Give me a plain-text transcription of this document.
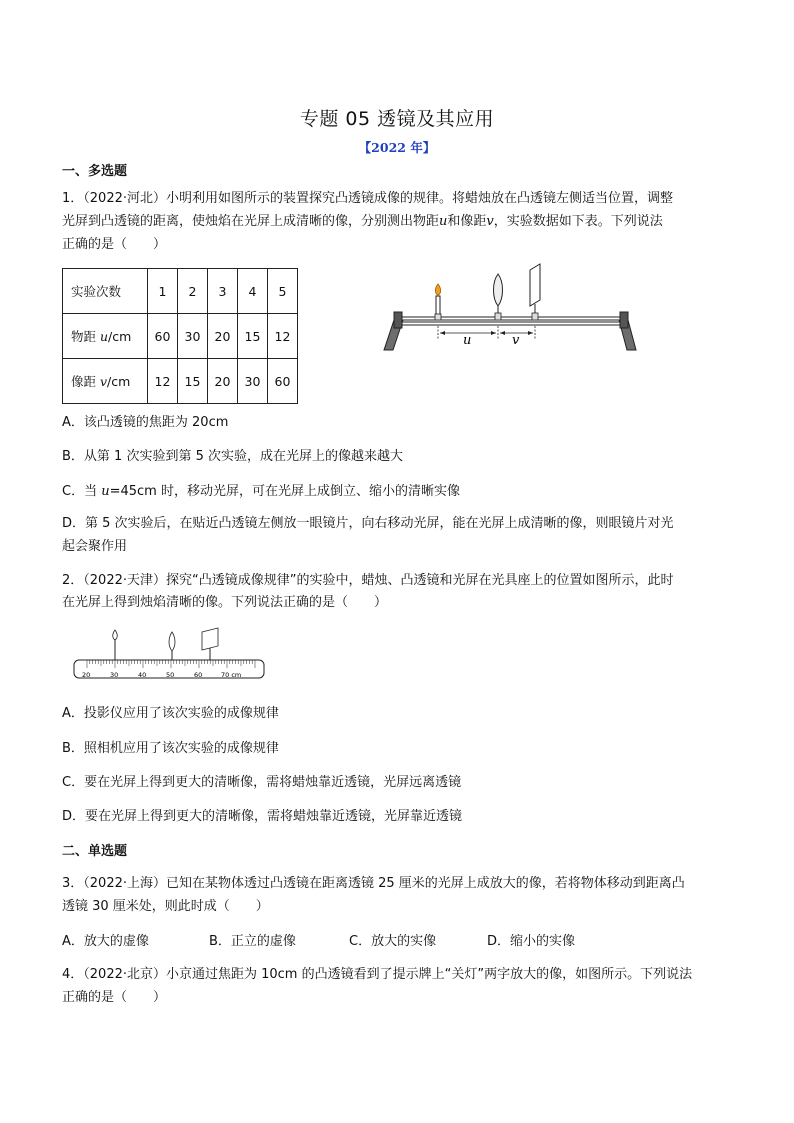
专题 05 透镜及其应用
【2022 年】
一、多选题
1．（2022·河北）小明利用如图所示的装置探究凸透镜成像的规律。将蜡烛放在凸透镜左侧适当位置，调整
光屏到凸透镜的距离，使烛焰在光屏上成清晰的像，分别测出物距u和像距v，实验数据如下表。下列说法
正确的是（　　）
实验次数	1	2	3	4	5
物距 u/cm	60	30	20	15	12
像距 v/cm	12	15	20	30	60
u	v
A．该凸透镜的焦距为 20cm
B．从第 1 次实验到第 5 次实验，成在光屏上的像越来越大
C．当 u=45cm 时，移动光屏，可在光屏上成倒立、缩小的清晰实像
D．第 5 次实验后，在贴近凸透镜左侧放一眼镜片，向右移动光屏，能在光屏上成清晰的像，则眼镜片对光
起会聚作用
2．（2022·天津）探究“凸透镜成像规律”的实验中，蜡烛、凸透镜和光屏在光具座上的位置如图所示，此时
在光屏上得到烛焰清晰的像。下列说法正确的是（　　）
20	30	40	50	60	70 cm
A．投影仪应用了该次实验的成像规律
B．照相机应用了该次实验的成像规律
C．要在光屏上得到更大的清晰像，需将蜡烛靠近透镜，光屏远离透镜
D．要在光屏上得到更大的清晰像，需将蜡烛靠近透镜，光屏靠近透镜
二、单选题
3．（2022·上海）已知在某物体透过凸透镜在距离透镜 25 厘米的光屏上成放大的像，若将物体移动到距离凸
透镜 30 厘米处，则此时成（　　）
A．放大的虚像	B．正立的虚像	C．放大的实像	D．缩小的实像
4．（2022·北京）小京通过焦距为 10cm 的凸透镜看到了提示牌上“关灯”两字放大的像，如图所示。下列说法
正确的是（　　）
